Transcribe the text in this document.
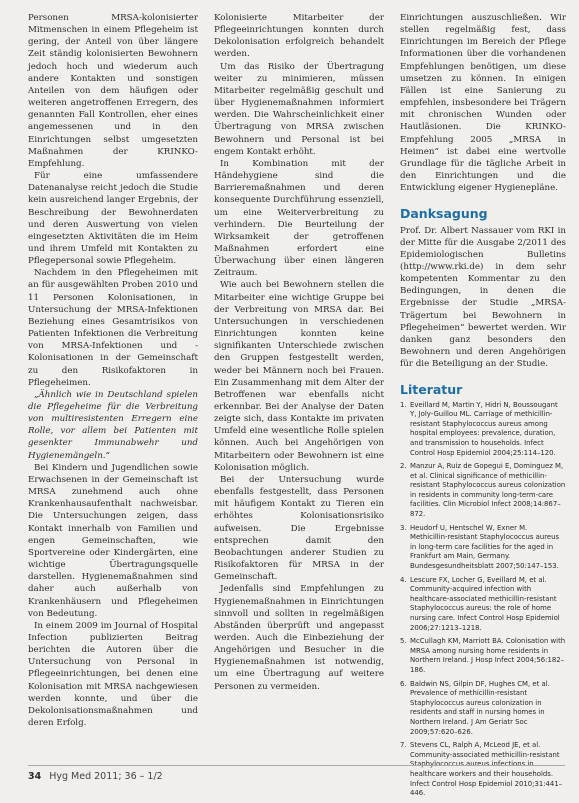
Personen MRSA-kolonisierter Mitmenschen in einem Pflegeheim ist gering, der Anteil von über längere Zeit ständig kolonisierten Bewohnern jedoch hoch und wiederum auch andere Kontakten und sonstigen Anteilen von dem häufigen oder weiteren angetroffenen Erregern, des genannten Fall Kontrollen, eher eines angemessenen und in den Einrichtungen selbst umgesetzten Maßnahmen der KRINKO-Empfehlung.

Für eine umfassendere Datenanalyse reicht jedoch die Studie kein ausreichend langer Ergebnis, der Beschreibung der Bewohnerdaten und deren Auswertung von vielen eingesetzten Aktivitäten die im Heim und ihrem Umfeld mit Kontakten zu Pflegepersonal sowie Pflegeheim.

Nachdem in den Pflegeheimen mit an für ausgewählten Proben 2010 und 11 Personen Kolonisationen, in Untersuchung der MRSA-Infektionen Beziehung eines Gesamtrisikos von Patienten Infektionen die Verbreitung von MRSA-Infektionen und -Kolonisationen in der Gemeinschaft zu den Risikofaktoren in Pflegeheimen.

„Ähnlich wie in Deutschland spielen die Pflegeheime für die Verbreitung von multiresistenten Erregern eine Rolle, vor allem bei Patienten mit gesenkter Immunabwehr und Hygienemängeln.“

Bei Kindern und Jugendlichen sowie Erwachsenen in der Gemeinschaft ist MRSA zunehmend auch ohne Krankenhausaufenthalt nachweisbar. Die Untersuchungen zeigen, dass Kontakt innerhalb von Familien und engen Gemeinschaften, wie Sportvereine oder Kindergärten, eine wichtige Übertragungsquelle darstellen. Hygienemaßnahmen sind daher auch außerhalb von Krankenhäusern und Pflegeheimen von Bedeutung.

In einem 2009 im Journal of Hospital Infection publizierten Beitrag berichten die Autoren über die Untersuchung von Personal in Pflegeeinrichtungen, bei denen eine Kolonisation mit MRSA nachgewiesen werden konnte, und über die Dekolonisationsmaßnahmen und deren Erfolg.

Kolonisierte Mitarbeiter der Pflegeeinrichtungen konnten durch Dekolonisation erfolgreich behandelt werden.

Um das Risiko der Übertragung weiter zu minimieren, müssen Mitarbeiter regelmäßig geschult und über Hygienemaßnahmen informiert werden. Die Wahrscheinlichkeit einer Übertragung von MRSA zwischen Bewohnern und Personal ist bei engem Kontakt erhöht.

In Kombination mit der Händehygiene sind die Barrieremaßnahmen und deren konsequente Durchführung essenziell, um eine Weiterverbreitung zu verhindern. Die Beurteilung der Wirksamkeit der getroffenen Maßnahmen erfordert eine Überwachung über einen längeren Zeitraum.

Wie auch bei Bewohnern stellen die Mitarbeiter eine wichtige Gruppe bei der Verbreitung von MRSA dar. Bei Untersuchungen in verschiedenen Einrichtungen konnten keine signifikanten Unterschiede zwischen den Gruppen festgestellt werden, weder bei Männern noch bei Frauen. Ein Zusammenhang mit dem Alter der Betroffenen war ebenfalls nicht erkennbar. Bei der Analyse der Daten zeigte sich, dass Kontakte im privaten Umfeld eine wesentliche Rolle spielen können. Auch bei Angehörigen von Mitarbeitern oder Bewohnern ist eine Kolonisation möglich.

Bei der Untersuchung wurde ebenfalls festgestellt, dass Personen mit häufigem Kontakt zu Tieren ein erhöhtes Kolonisationsrisiko aufweisen. Die Ergebnisse entsprechen damit den Beobachtungen anderer Studien zu Risikofaktoren für MRSA in der Gemeinschaft.

Jedenfalls sind Empfehlungen zu Hygienemaßnahmen in Einrichtungen sinnvoll und sollten in regelmäßigen Abständen überprüft und angepasst werden. Auch die Einbeziehung der Angehörigen und Besucher in die Hygienemaßnahmen ist notwendig, um eine Übertragung auf weitere Personen zu vermeiden.

Einrichtungen auszuschließen. Wir stellen regelmäßig fest, dass Einrichtungen im Bereich der Pflege Informationen über die vorhandenen Empfehlungen benötigen, um diese umsetzen zu können. In einigen Fällen ist eine Sanierung zu empfehlen, insbesondere bei Trägern mit chronischen Wunden oder Hautläsionen. Die KRINKO-Empfehlung 2005 „MRSA in Heimen“ ist dabei eine wertvolle Grundlage für die tägliche Arbeit in den Einrichtungen und die Entwicklung eigener Hygienepläne.

Danksagung

Prof. Dr. Albert Nassauer vom RKI in der Mitte für die Ausgabe 2/2011 des Epidemiologischen Bulletins (http://www.rki.de) in dem sehr kompetenten Kommentar zu den Bedingungen, in denen die Ergebnisse der Studie „MRSA-Trägertum bei Bewohnern in Pflegeheimen“ bewertet werden. Wir danken ganz besonders den Bewohnern und deren Angehörigen für die Beteiligung an der Studie.

Literatur
1. Eveillard M, Martin Y, Hidri N, Boussougant Y, Joly-Guillou ML. Carriage of methicillin-resistant Staphylococcus aureus among hospital employees: prevalence, duration, and transmission to households. Infect Control Hosp Epidemiol 2004;25:114–120.
2. Manzur A, Ruiz de Gopegui E, Dominguez M, et al. Clinical significance of methicillin-resistant Staphylococcus aureus colonization in residents in community long-term-care facilities. Clin Microbiol Infect 2008;14:867–872.
3. Heudorf U, Hentschel W, Exner M. Methicillin-resistant Staphylococcus aureus in long-term care facilities for the aged in Frankfurt am Main, Germany. Bundesgesundheitsblatt 2007;50:147–153.
4. Lescure FX, Locher G, Eveillard M, et al. Community-acquired infection with healthcare-associated methicillin-resistant Staphylococcus aureus: the role of home nursing care. Infect Control Hosp Epidemiol 2006;27:1213–1218.
5. McCullagh KM, Marriott BA. Colonisation with MRSA among nursing home residents in Northern Ireland. J Hosp Infect 2004;56:182–186.
6. Baldwin NS, Gilpin DF, Hughes CM, et al. Prevalence of methicillin-resistant Staphylococcus aureus colonization in residents and staff in nursing homes in Northern Ireland. J Am Geriatr Soc 2009;57:620–626.
7. Stevens CL, Ralph A, McLeod JE, et al. Community-associated methicillin-resistant Staphylococcus aureus infections in healthcare workers and their households. Infect Control Hosp Epidemiol 2010;31:441–446.
34 Hyg Med 2011; 36 – 1/2
